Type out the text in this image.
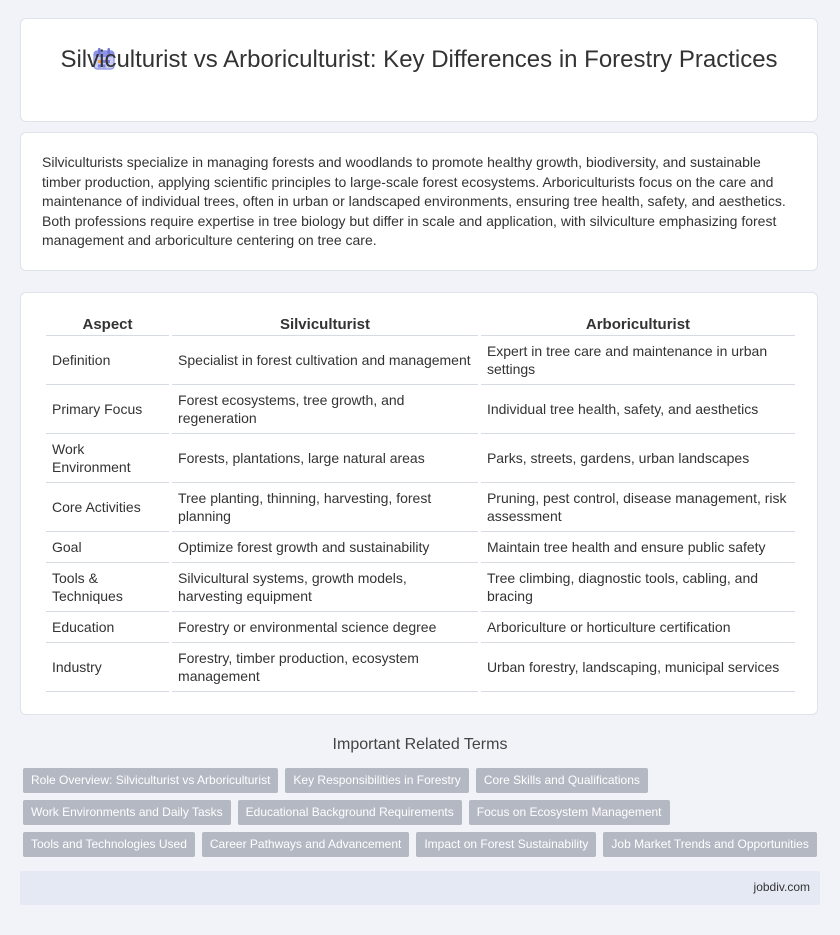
Silviculturist vs Arboriculturist: Key Differences in Forestry Practices
Silviculturists specialize in managing forests and woodlands to promote healthy growth, biodiversity, and sustainable timber production, applying scientific principles to large-scale forest ecosystems. Arboriculturists focus on the care and maintenance of individual trees, often in urban or landscaped environments, ensuring tree health, safety, and aesthetics. Both professions require expertise in tree biology but differ in scale and application, with silviculture emphasizing forest management and arboriculture centering on tree care.
Aspect	Silviculturist	Arboriculturist
Definition	Specialist in forest cultivation and management	Expert in tree care and maintenance in urban settings
Primary Focus	Forest ecosystems, tree growth, and regeneration	Individual tree health, safety, and aesthetics
Work Environment	Forests, plantations, large natural areas	Parks, streets, gardens, urban landscapes
Core Activities	Tree planting, thinning, harvesting, forest planning	Pruning, pest control, disease management, risk assessment
Goal	Optimize forest growth and sustainability	Maintain tree health and ensure public safety
Tools & Techniques	Silvicultural systems, growth models, harvesting equipment	Tree climbing, diagnostic tools, cabling, and bracing
Education	Forestry or environmental science degree	Arboriculture or horticulture certification
Industry	Forestry, timber production, ecosystem management	Urban forestry, landscaping, municipal services
Important Related Terms
Role Overview: Silviculturist vs Arboriculturist	Key Responsibilities in Forestry	Core Skills and Qualifications
Work Environments and Daily Tasks	Educational Background Requirements	Focus on Ecosystem Management
Tools and Technologies Used	Career Pathways and Advancement	Impact on Forest Sustainability	Job Market Trends and Opportunities
jobdiv.com
